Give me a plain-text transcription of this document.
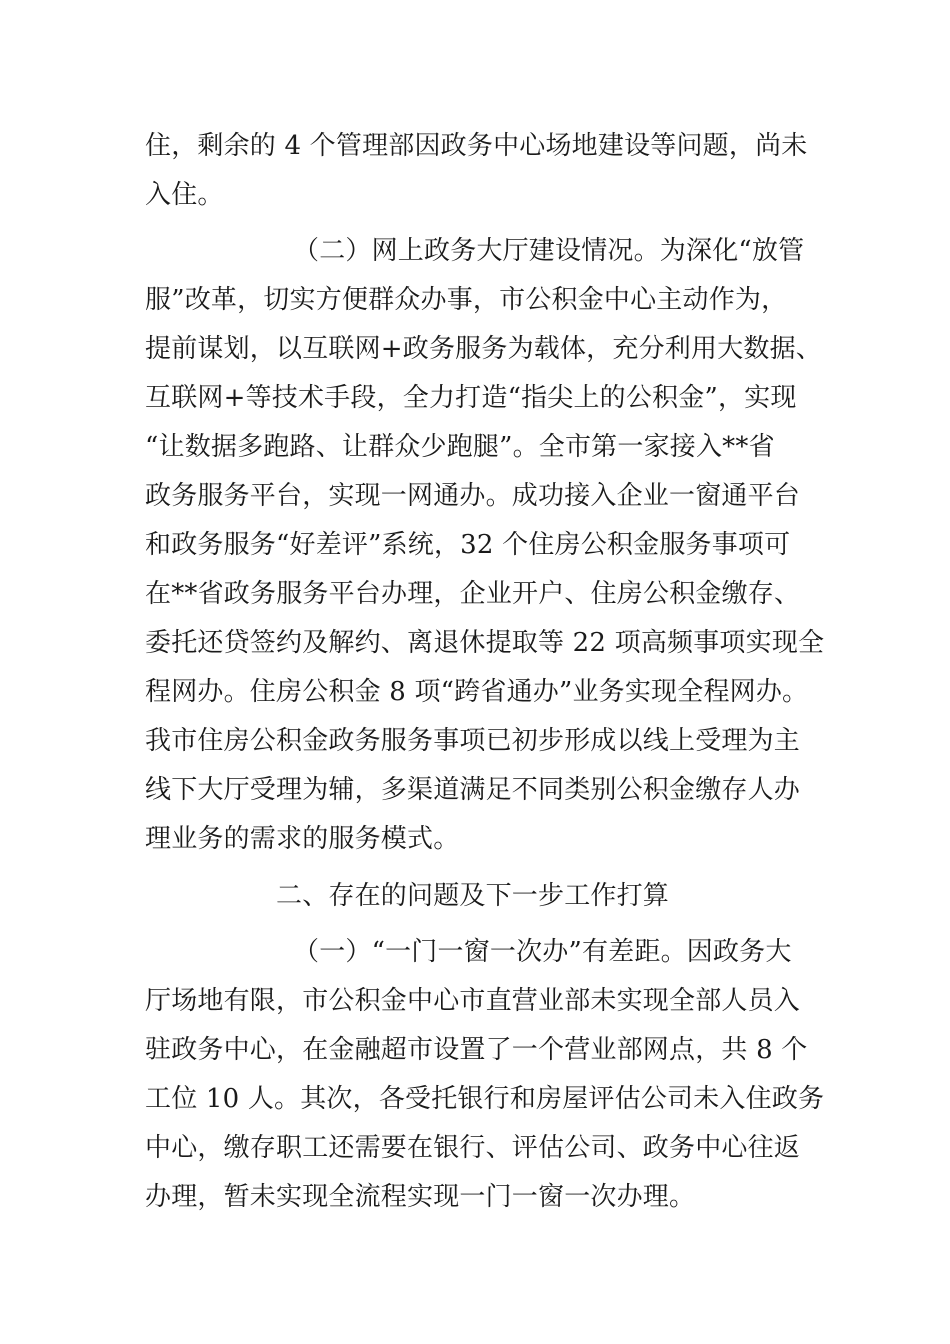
住，剩余的 4 个管理部因政务中心场地建设等问题，尚未
入住。
（二）网上政务大厅建设情况。为深化“放管
服”改革，切实方便群众办事，市公积金中心主动作为，
提前谋划，以互联网+政务服务为载体，充分利用大数据、
互联网+等技术手段，全力打造“指尖上的公积金”，实现
“让数据多跑路、让群众少跑腿”。全市第一家接入**省
政务服务平台，实现一网通办。成功接入企业一窗通平台
和政务服务“好差评”系统，32 个住房公积金服务事项可
在**省政务服务平台办理，企业开户、住房公积金缴存、
委托还贷签约及解约、离退休提取等 22 项高频事项实现全
程网办。住房公积金 8 项“跨省通办”业务实现全程网办。
我市住房公积金政务服务事项已初步形成以线上受理为主
线下大厅受理为辅，多渠道满足不同类别公积金缴存人办
理业务的需求的服务模式。
二、存在的问题及下一步工作打算
（一）“一门一窗一次办”有差距。因政务大
厅场地有限，市公积金中心市直营业部未实现全部人员入
驻政务中心，在金融超市设置了一个营业部网点，共 8 个
工位 10 人。其次，各受托银行和房屋评估公司未入住政务
中心，缴存职工还需要在银行、评估公司、政务中心往返
办理，暂未实现全流程实现一门一窗一次办理。
